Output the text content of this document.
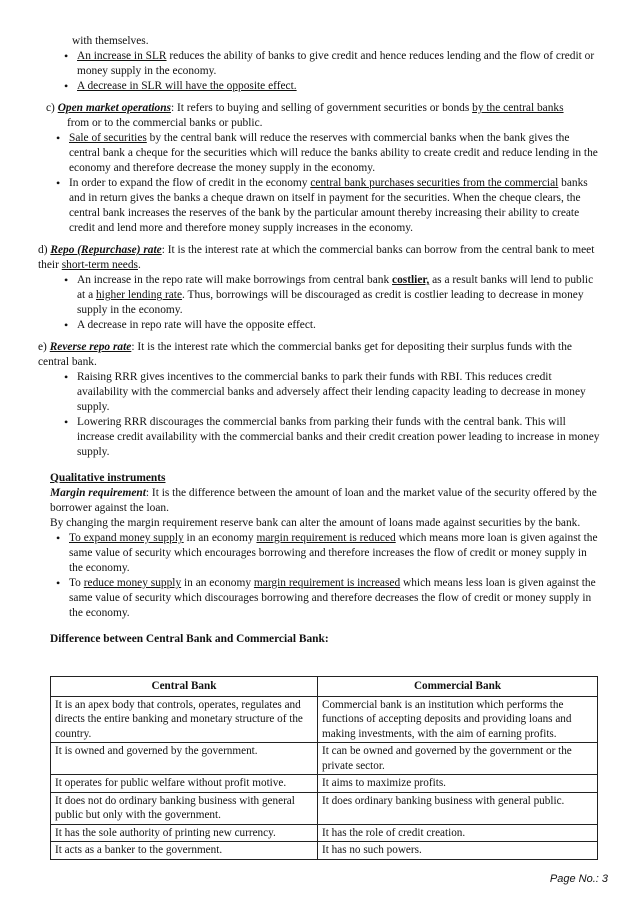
with themselves.

• An increase in SLR reduces the ability of banks to give credit and hence reduces lending and the flow of credit or money supply in the economy.
• A decrease in SLR will have the opposite effect.

c) Open market operations: It refers to buying and selling of government securities or bonds by the central banks

from or to the commercial banks or public.

• Sale of securities by the central bank will reduce the reserves with commercial banks when the bank gives the central bank a cheque for the securities which will reduce the banks ability to create credit and reduce lending in the economy and therefore decrease the money supply in the economy.
• In order to expand the flow of credit in the economy central bank purchases securities from the commercial banks and in return gives the banks a cheque drawn on itself in payment for the securities. When the cheque clears, the central bank increases the reserves of the bank by the particular amount thereby increasing their ability to create credit and lend more and therefore money supply increases in the economy.

d) Repo (Repurchase) rate: It is the interest rate at which the commercial banks can borrow from the central bank to meet their short-term needs.

• An increase in the repo rate will make borrowings from central bank costlier, as a result banks will lend to public at a higher lending rate. Thus, borrowings will be discouraged as credit is costlier leading to decrease in money supply in the economy.
• A decrease in repo rate will have the opposite effect.

e) Reverse repo rate: It is the interest rate which the commercial banks get for depositing their surplus funds with the central bank.

• Raising RRR gives incentives to the commercial banks to park their funds with RBI. This reduces credit availability with the commercial banks and adversely affect their lending capacity leading to decrease in money supply.
• Lowering RRR discourages the commercial banks from parking their funds with the central bank. This will increase credit availability with the commercial banks and their credit creation power leading to increase in money supply.

Qualitative instruments

Margin requirement: It is the difference between the amount of loan and the market value of the security offered by the borrower against the loan.

By changing the margin requirement reserve bank can alter the amount of loans made against securities by the bank.

• To expand money supply in an economy margin requirement is reduced which means more loan is given against the same value of security which encourages borrowing and therefore increases the flow of credit or money supply in the economy.
• To reduce money supply in an economy margin requirement is increased which means less loan is given against the same value of security which discourages borrowing and therefore decreases the flow of credit or money supply in the economy.

Difference between Central Bank and Commercial Bank:

Central Bank	Commercial Bank
It is an apex body that controls, operates, regulates and directs the entire banking and monetary structure of the country.	Commercial bank is an institution which performs the functions of accepting deposits and providing loans and making investments, with the aim of earning profits.
It is owned and governed by the government.	It can be owned and governed by the government or the private sector.
It operates for public welfare without profit motive.	It aims to maximize profits.
It does not do ordinary banking business with general public but only with the government.	It does ordinary banking business with general public.
It has the sole authority of printing new currency.	It has the role of credit creation.
It acts as a banker to the government.	It has no such powers.
Page No.: 3
